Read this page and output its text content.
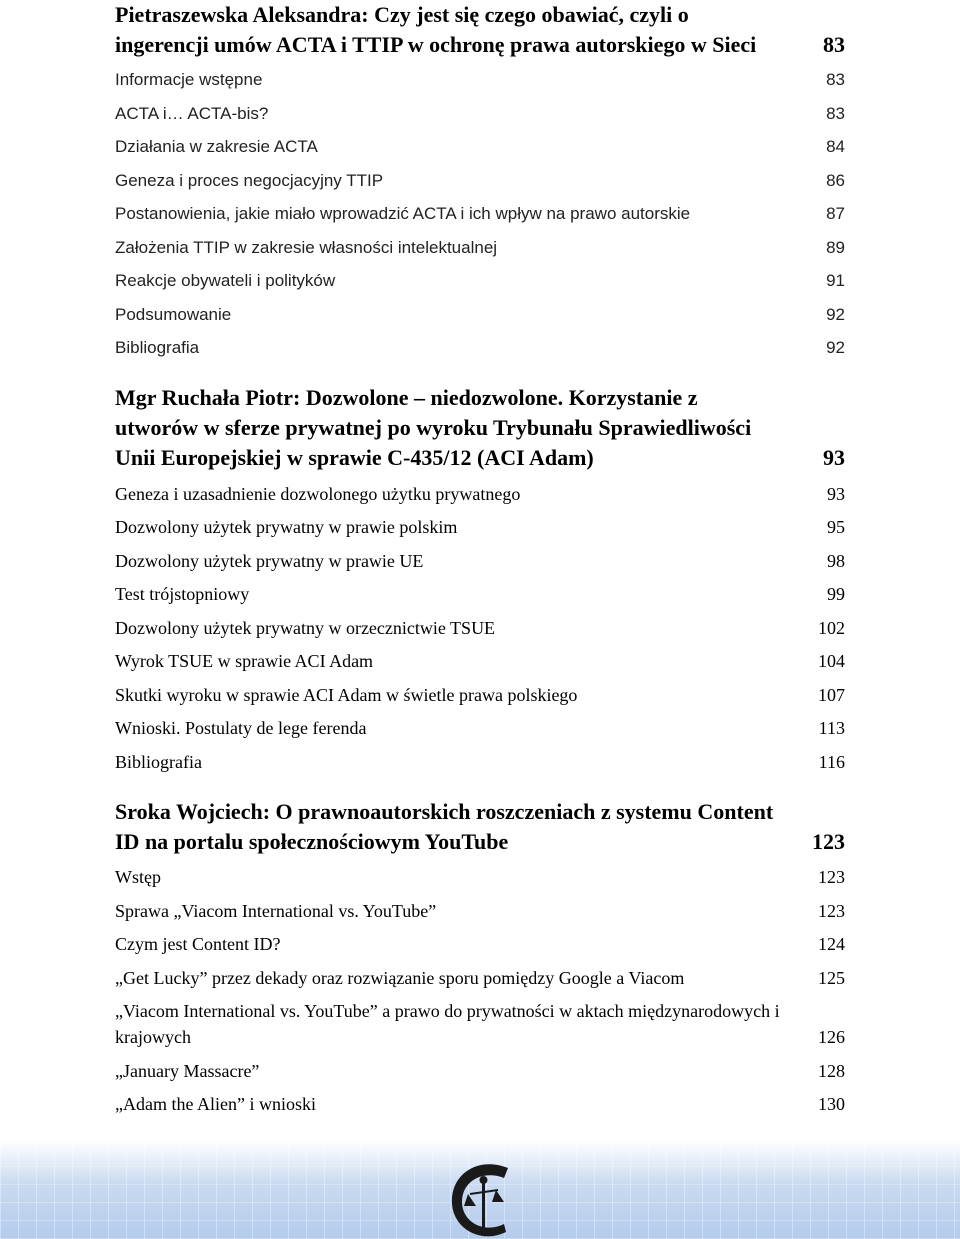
Pietraszewska Aleksandra: Czy jest się czego obawiać, czyli o ingerencji umów ACTA i TTIP w ochronę prawa autorskiego w Sieci	83
Informacje wstępne	83
ACTA i… ACTA-bis?	83
Działania w zakresie ACTA	84
Geneza i proces negocjacyjny TTIP	86
Postanowienia, jakie miało wprowadzić ACTA i ich wpływ na prawo autorskie	87
Założenia TTIP w zakresie własności intelektualnej	89
Reakcje obywateli i polityków	91
Podsumowanie	92
Bibliografia	92
Mgr Ruchała Piotr: Dozwolone – niedozwolone. Korzystanie z utworów w sferze prywatnej po wyroku Trybunału Sprawiedliwości Unii Europejskiej w sprawie C-435/12 (ACI Adam)	93
Geneza i uzasadnienie dozwolonego użytku prywatnego	93
Dozwolony użytek prywatny w prawie polskim	95
Dozwolony użytek prywatny w prawie UE	98
Test trójstopniowy	99
Dozwolony użytek prywatny w orzecznictwie TSUE	102
Wyrok TSUE w sprawie ACI Adam	104
Skutki wyroku w sprawie ACI Adam w świetle prawa polskiego	107
Wnioski. Postulaty de lege ferenda	113
Bibliografia	116
Sroka Wojciech: O prawnoautorskich roszczeniach z systemu Content ID na portalu społecznościowym YouTube	123
Wstęp	123
Sprawa „Viacom International vs. YouTube”	123
Czym jest Content ID?	124
„Get Lucky” przez dekady oraz rozwiązanie sporu pomiędzy Google a Viacom	125
„Viacom International vs. YouTube” a prawo do prywatności w aktach międzynarodowych i krajowych	126
„January Massacre”	128
„Adam the Alien” i wnioski	130
